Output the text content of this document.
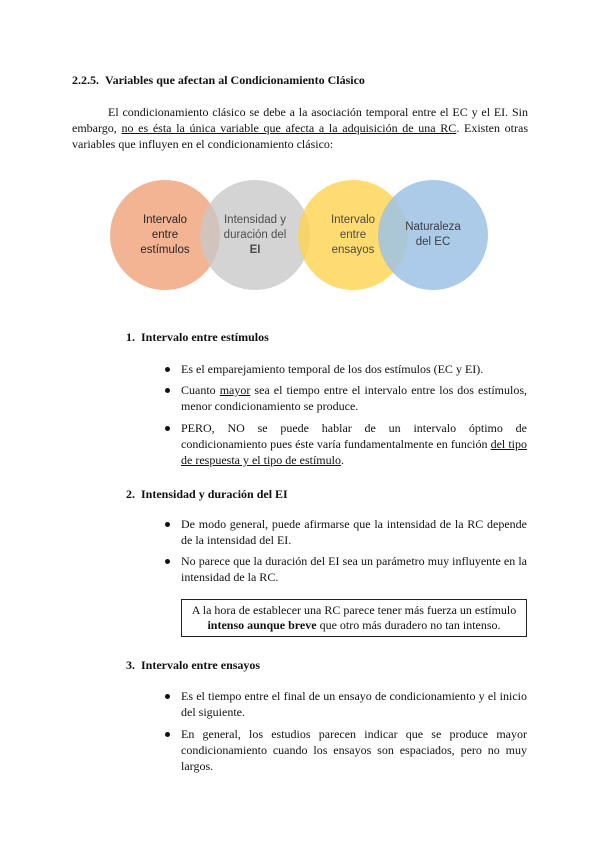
2.2.5. Variables que afectan al Condicionamiento Clásico
El condicionamiento clásico se debe a la asociación temporal entre el EC y el EI. Sin embargo, no es ésta la única variable que afecta a la adquisición de una RC. Existen otras variables que influyen en el condicionamiento clásico:
Intervalo
entre
estímulos
Intensidad y
duración del
EI
Intervalo
entre
ensayos
Naturaleza
del EC
1. Intervalo entre estímulos
Es el emparejamiento temporal de los dos estímulos (EC y EI).
Cuanto mayor sea el tiempo entre el intervalo entre los dos estímulos, menor condicionamiento se produce.
PERO, NO se puede hablar de un intervalo óptimo de condicionamiento pues éste varía fundamentalmente en función del tipo de respuesta y el tipo de estímulo.
2. Intensidad y duración del EI
De modo general, puede afirmarse que la intensidad de la RC depende de la intensidad del EI.
No parece que la duración del EI sea un parámetro muy influyente en la intensidad de la RC.
A la hora de establecer una RC parece tener más fuerza un estímulo intenso aunque breve que otro más duradero no tan intenso.
3. Intervalo entre ensayos
Es el tiempo entre el final de un ensayo de condicionamiento y el inicio del siguiente.
En general, los estudios parecen indicar que se produce mayor condicionamiento cuando los ensayos son espaciados, pero no muy largos.
